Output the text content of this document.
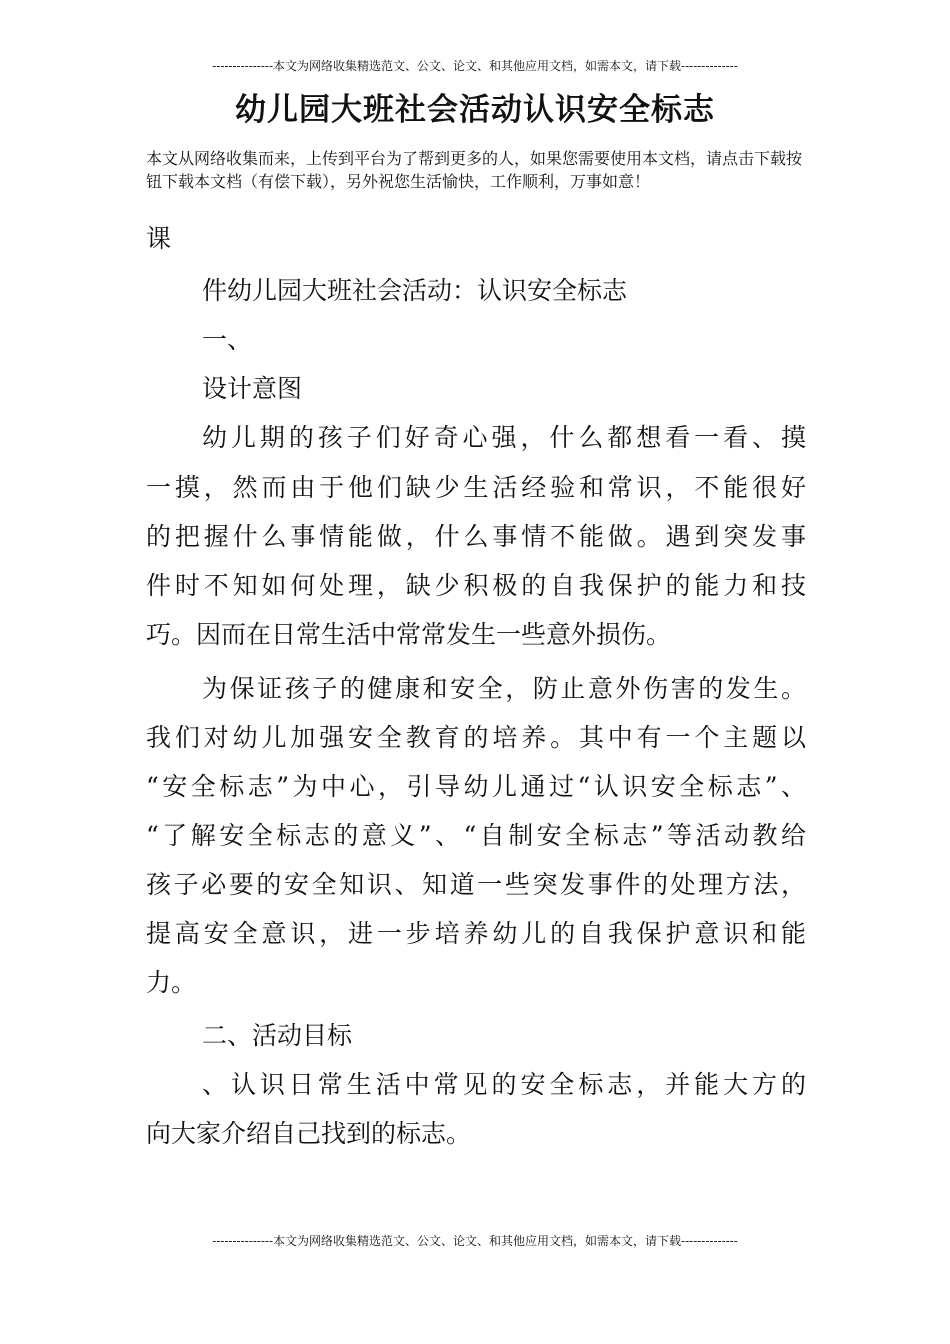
---------------本文为网络收集精选范文、公文、论文、和其他应用文档，如需本文，请下载--------------
幼儿园大班社会活动认识安全标志
本文从网络收集而来，上传到平台为了帮到更多的人，如果您需要使用本文档，请点击下载按钮下载本文档（有偿下载），另外祝您生活愉快，工作顺利，万事如意！
课
件幼儿园大班社会活动：认识安全标志
一、
设计意图
幼儿期的孩子们好奇心强，什么都想看一看、摸
一摸，然而由于他们缺少生活经验和常识，不能很好
的把握什么事情能做，什么事情不能做。遇到突发事
件时不知如何处理，缺少积极的自我保护的能力和技
巧。因而在日常生活中常常发生一些意外损伤。
为保证孩子的健康和安全，防止意外伤害的发生。
我们对幼儿加强安全教育的培养。其中有一个主题以
“安全标志”为中心，引导幼儿通过“认识安全标志”、
“了解安全标志的意义”、“自制安全标志”等活动教给
孩子必要的安全知识、知道一些突发事件的处理方法，
提高安全意识，进一步培养幼儿的自我保护意识和能
力。
二、活动目标
、认识日常生活中常见的安全标志，并能大方的
向大家介绍自己找到的标志。
---------------本文为网络收集精选范文、公文、论文、和其他应用文档，如需本文，请下载--------------
